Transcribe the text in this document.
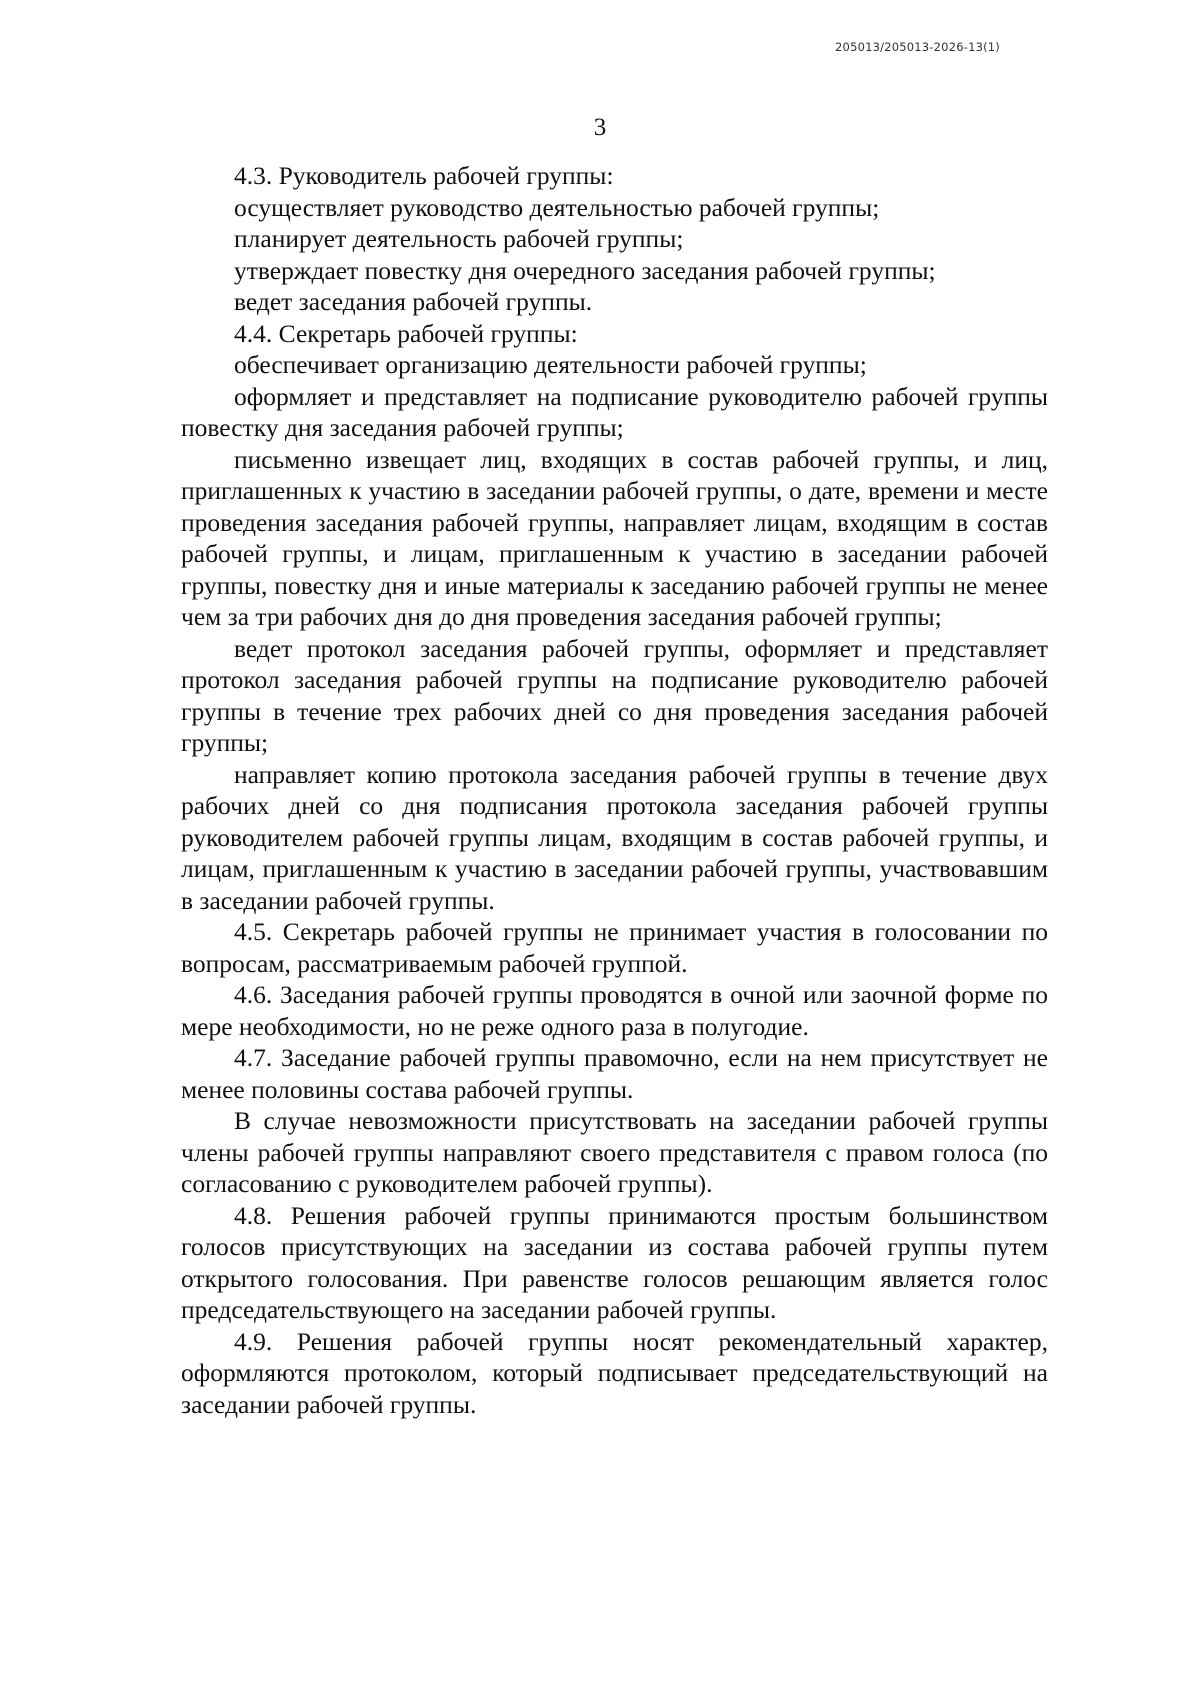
205013/205013-2026-13(1)
3

4.3. Руководитель рабочей группы:

осуществляет руководство деятельностью рабочей группы;

планирует деятельность рабочей группы;

утверждает повестку дня очередного заседания рабочей группы;

ведет заседания рабочей группы.

4.4. Секретарь рабочей группы:

обеспечивает организацию деятельности рабочей группы;

оформляет и представляет на подписание руководителю рабочей группы повестку дня заседания рабочей группы;

письменно извещает лиц, входящих в состав рабочей группы, и лиц, приглашенных к участию в заседании рабочей группы, о дате, времени и месте проведения заседания рабочей группы, направляет лицам, входящим в состав рабочей группы, и лицам, приглашенным к участию в заседании рабочей группы, повестку дня и иные материалы к заседанию рабочей группы не менее чем за три рабочих дня до дня проведения заседания рабочей группы;

ведет протокол заседания рабочей группы, оформляет и представляет протокол заседания рабочей группы на подписание руководителю рабочей группы в течение трех рабочих дней со дня проведения заседания рабочей группы;

направляет копию протокола заседания рабочей группы в течение двух рабочих дней со дня подписания протокола заседания рабочей группы руководителем рабочей группы лицам, входящим в состав рабочей группы, и лицам, приглашенным к участию в заседании рабочей группы, участвовавшим в заседании рабочей группы.

4.5. Секретарь рабочей группы не принимает участия в голосовании по вопросам, рассматриваемым рабочей группой.

4.6. Заседания рабочей группы проводятся в очной или заочной форме по мере необходимости, но не реже одного раза в полугодие.

4.7. Заседание рабочей группы правомочно, если на нем присутствует не менее половины состава рабочей группы.

В случае невозможности присутствовать на заседании рабочей группы члены рабочей группы направляют своего представителя с правом голоса (по согласованию с руководителем рабочей группы).

4.8. Решения рабочей группы принимаются простым большинством голосов присутствующих на заседании из состава рабочей группы путем открытого голосования. При равенстве голосов решающим является голос председательствующего на заседании рабочей группы.

4.9. Решения рабочей группы носят рекомендательный характер, оформляются протоколом, который подписывает председательствующий на заседании рабочей группы.
